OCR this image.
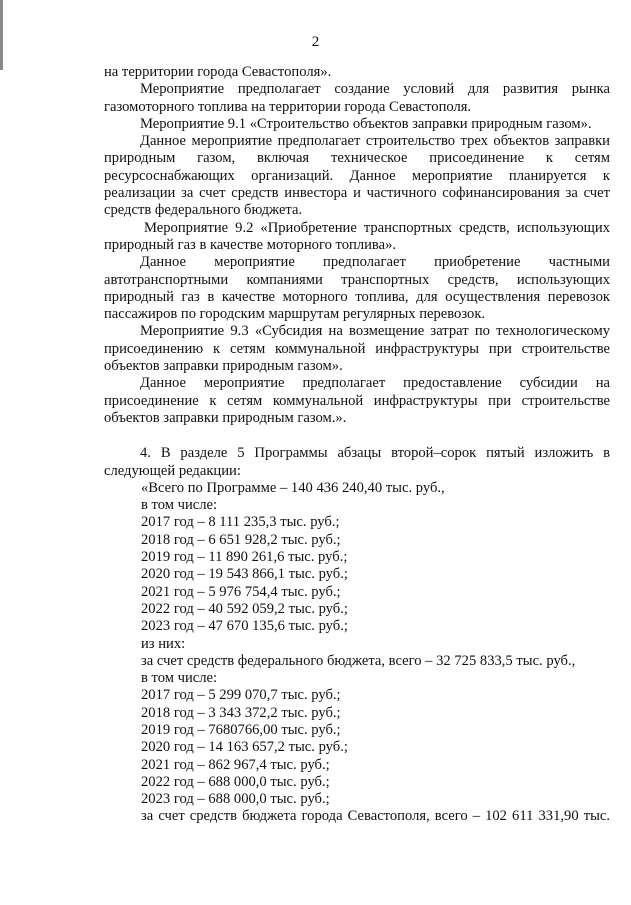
2

на территории города Севастополя».

Мероприятие предполагает создание условий для развития рынка газомоторного топлива на территории города Севастополя.

Мероприятие 9.1 «Строительство объектов заправки природным газом».

Данное мероприятие предполагает строительство трех объектов заправки природным газом, включая техническое присоединение к сетям ресурсоснабжающих организаций. Данное мероприятие планируется к реализации за счет средств инвестора и частичного софинансирования за счет средств федерального бюджета.

Мероприятие 9.2 «Приобретение транспортных средств, использующих природный газ в качестве моторного топлива».

Данное мероприятие предполагает приобретение частными автотранспортными компаниями транспортных средств, использующих природный газ в качестве моторного топлива, для осуществления перевозок пассажиров по городским маршрутам регулярных перевозок.

Мероприятие 9.3 «Субсидия на возмещение затрат по технологическому присоединению к сетям коммунальной инфраструктуры при строительстве объектов заправки природным газом».

Данное мероприятие предполагает предоставление субсидии на присоединение к сетям коммунальной инфраструктуры при строительстве объектов заправки природным газом.».

4. В разделе 5 Программы абзацы второй–сорок пятый изложить в следующей редакции:

«Всего по Программе – 140 436 240,40 тыс. руб.,

в том числе:

2017 год – 8 111 235,3 тыс. руб.;

2018 год – 6 651 928,2 тыс. руб.;

2019 год – 11 890 261,6 тыс. руб.;

2020 год – 19 543 866,1 тыс. руб.;

2021 год – 5 976 754,4 тыс. руб.;

2022 год – 40 592 059,2 тыс. руб.;

2023 год – 47 670 135,6 тыс. руб.;

из них:

за счет средств федерального бюджета, всего – 32 725 833,5 тыс. руб.,

в том числе:

2017 год – 5 299 070,7 тыс. руб.;

2018 год – 3 343 372,2 тыс. руб.;

2019 год – 7680766,00 тыс. руб.;

2020 год – 14 163 657,2 тыс. руб.;

2021 год – 862 967,4 тыс. руб.;

2022 год – 688 000,0 тыс. руб.;

2023 год – 688 000,0 тыс. руб.;

за счет средств бюджета города Севастополя, всего – 102 611 331,90 тыс.
